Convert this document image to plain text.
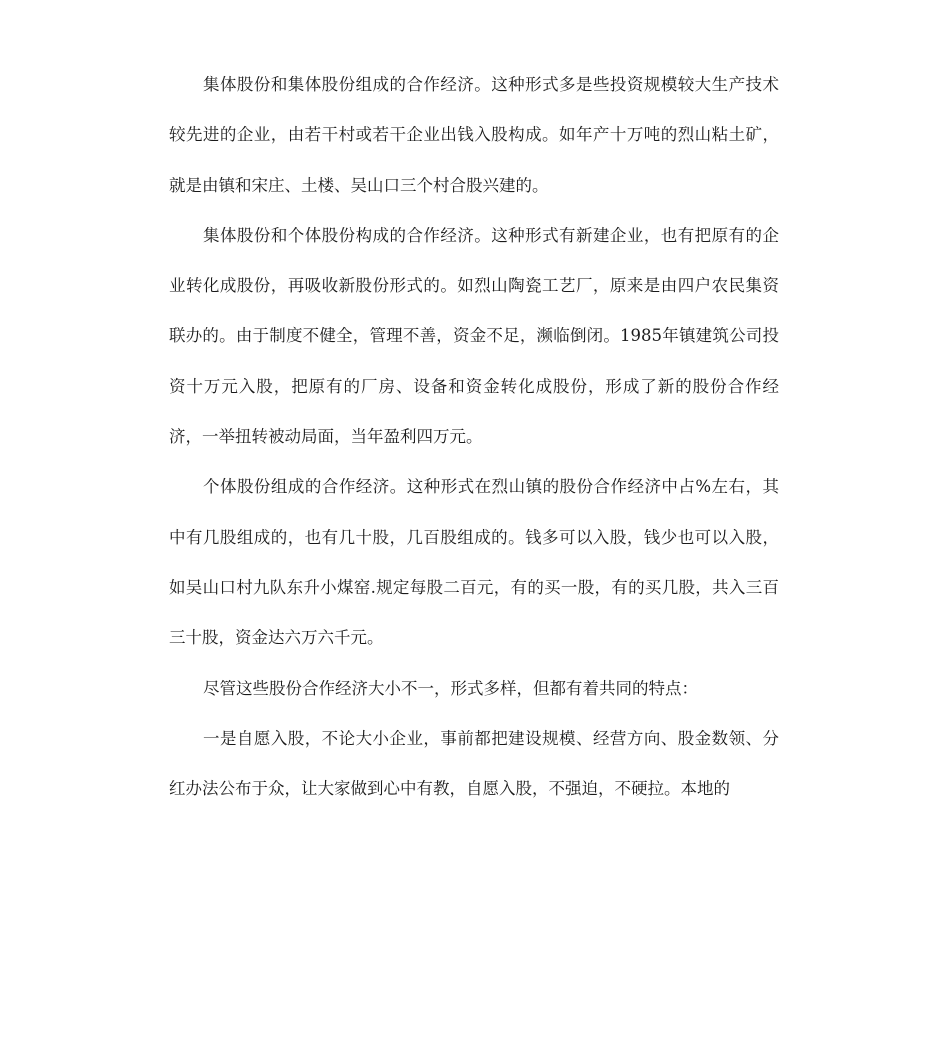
集体股份和集体股份组成的合作经济。这种形式多是些投资规模较大生产技术较先进的企业，由若干村或若干企业出钱入股构成。如年产十万吨的烈山粘土矿，就是由镇和宋庄、土楼、吴山口三个村合股兴建的。

集体股份和个体股份构成的合作经济。这种形式有新建企业，也有把原有的企业转化成股份，再吸收新股份形式的。如烈山陶瓷工艺厂，原来是由四户农民集资联办的。由于制度不健全，管理不善，资金不足，濒临倒闭。1985年镇建筑公司投资十万元入股，把原有的厂房、设备和资金转化成股份，形成了新的股份合作经济，一举扭转被动局面，当年盈利四万元。

个体股份组成的合作经济。这种形式在烈山镇的股份合作经济中占%左右，其中有几股组成的，也有几十股，几百股组成的。钱多可以入股，钱少也可以入股，如吴山口村九队东升小煤窑.规定每股二百元，有的买一股，有的买几股，共入三百三十股，资金达六万六千元。

尽管这些股份合作经济大小不一，形式多样，但都有着共同的特点：

一是自愿入股，不论大小企业，事前都把建设规模、经营方向、股金数领、分红办法公布于众，让大家做到心中有教，自愿入股，不强迫，不硬拉。本地的
